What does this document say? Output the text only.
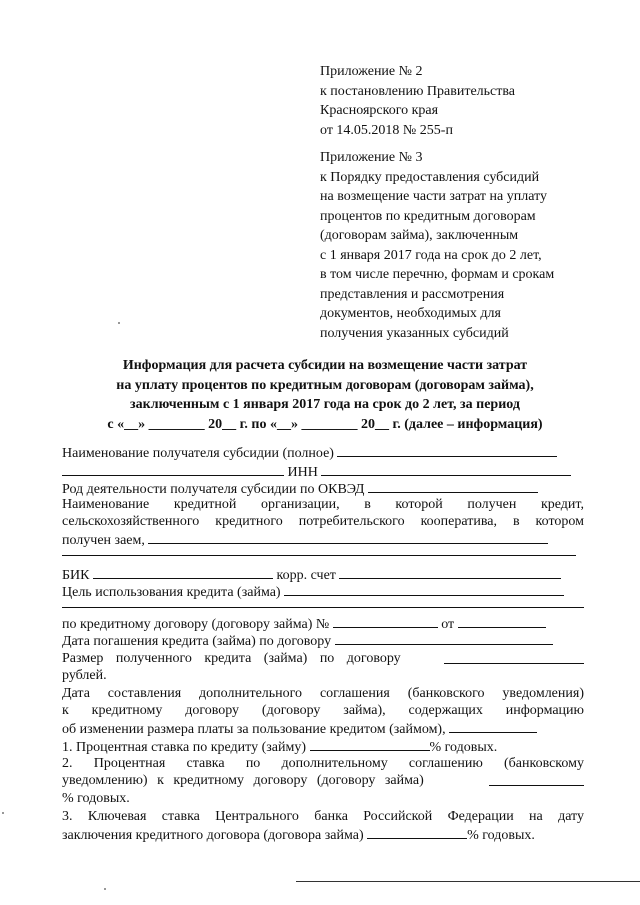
Приложение № 2
к постановлению Правительства
Красноярского края
от 14.05.2018 № 255-п
Приложение № 3
к Порядку предоставления субсидий
на возмещение части затрат на уплату
процентов по кредитным договорам
(договорам займа), заключенным
с 1 января 2017 года на срок до 2 лет,
в том числе перечню, формам и срокам
представления и рассмотрения
документов, необходимых для
получения указанных субсидий
Информация для расчета субсидии на возмещение части затрат
на уплату процентов по кредитным договорам (договорам займа),
заключенным с 1 января 2017 года на срок до 2 лет, за период
с «__» ________ 20__ г. по «__» ________ 20__ г. (далее – информация)
Наименование получателя субсидии (полное)
ИНН
Род деятельности получателя субсидии по ОКВЭД
Наименование кредитной организации, в которой получен кредит,
сельскохозяйственного кредитного потребительского кооператива, в котором
получен заем,
БИК	корр. счет
Цель использования кредита (займа)
по кредитному договору (договору займа) №	от
Дата погашения кредита (займа) по договору
Размер полученного кредита (займа) по договору
рублей.
Дата составления дополнительного соглашения (банковского уведомления)
к кредитному договору (договору займа), содержащих информацию
об изменении размера платы за пользование кредитом (займом),
1. Процентная ставка по кредиту (займу)	% годовых.
2. Процентная ставка по дополнительному соглашению (банковскому
уведомлению) к кредитному договору (договору займа)
% годовых.
3. Ключевая ставка Центрального банка Российской Федерации на дату
заключения кредитного договора (договора займа)	% годовых.
